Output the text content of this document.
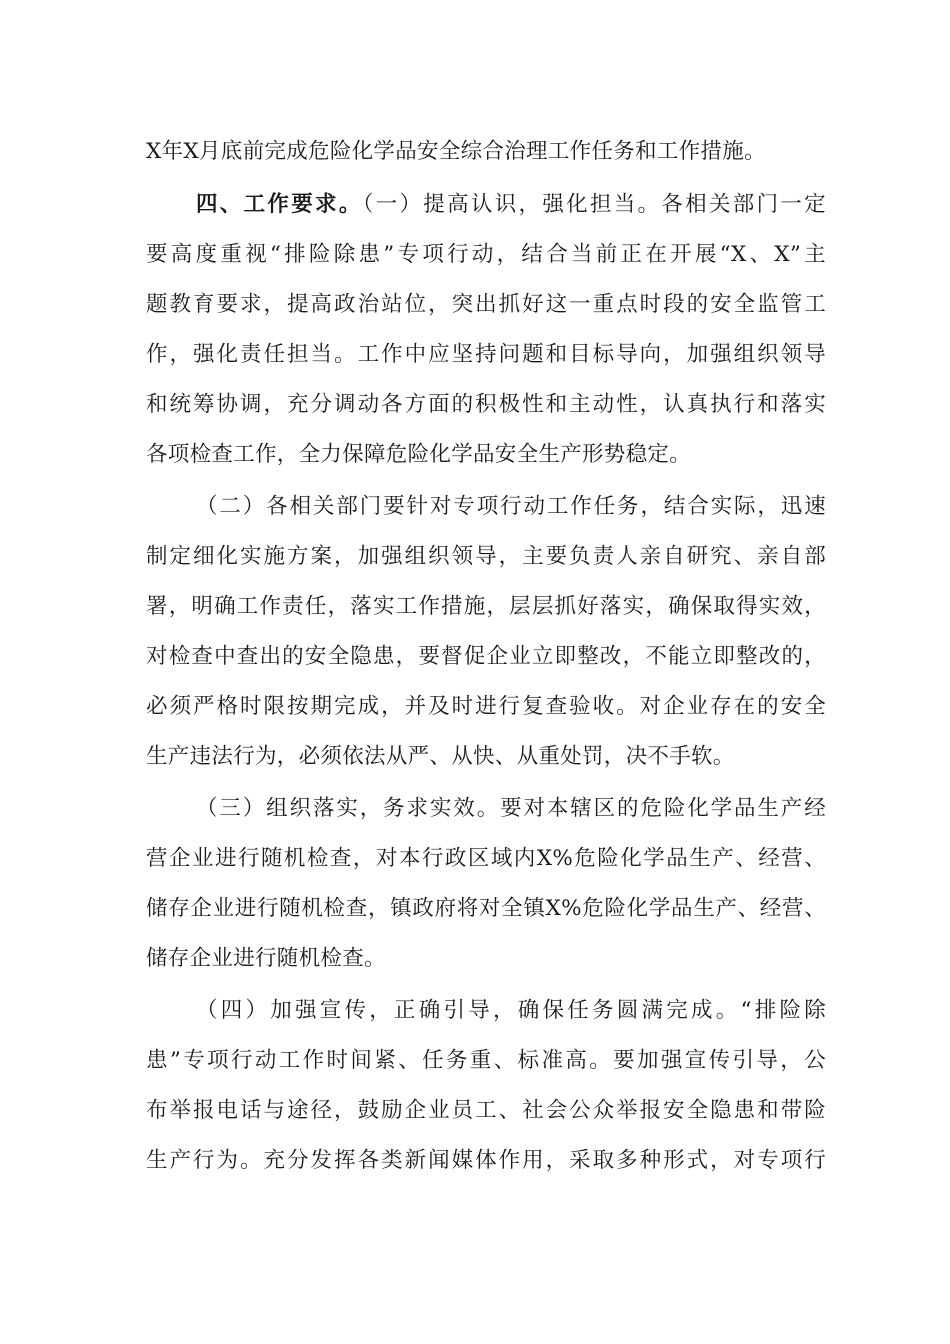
X年X月底前完成危险化学品安全综合治理工作任务和工作措施。
四、工作要求。（一）提高认识，强化担当。各相关部门一定
要高度重视“排险除患”专项行动，结合当前正在开展“X、X”主
题教育要求，提高政治站位，突出抓好这一重点时段的安全监管工
作，强化责任担当。工作中应坚持问题和目标导向，加强组织领导
和统筹协调，充分调动各方面的积极性和主动性，认真执行和落实
各项检查工作，全力保障危险化学品安全生产形势稳定。
（二）各相关部门要针对专项行动工作任务，结合实际，迅速
制定细化实施方案，加强组织领导，主要负责人亲自研究、亲自部
署，明确工作责任，落实工作措施，层层抓好落实，确保取得实效，
对检查中查出的安全隐患，要督促企业立即整改，不能立即整改的，
必须严格时限按期完成，并及时进行复查验收。对企业存在的安全
生产违法行为，必须依法从严、从快、从重处罚，决不手软。
（三）组织落实，务求实效。要对本辖区的危险化学品生产经
营企业进行随机检查，对本行政区域内X%危险化学品生产、经营、
储存企业进行随机检查，镇政府将对全镇X%危险化学品生产、经营、
储存企业进行随机检查。
（四）加强宣传，正确引导，确保任务圆满完成。“排险除
患”专项行动工作时间紧、任务重、标准高。要加强宣传引导，公
布举报电话与途径，鼓励企业员工、社会公众举报安全隐患和带险
生产行为。充分发挥各类新闻媒体作用，采取多种形式，对专项行
